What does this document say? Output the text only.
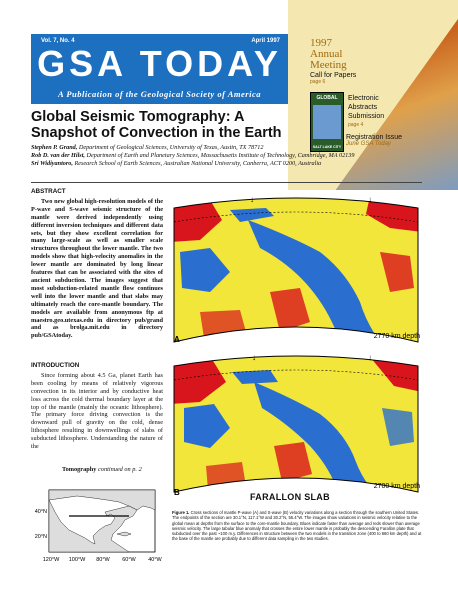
Vol. 7, No. 4	April 1997
GSA TODAY
A Publication of the Geological Society of America
1997
Annual
Meeting
Call for Papers
page 6
GLOBAL
SALT LAKE CITY
Electronic
Abstracts
Submission
page 4
Registration Issue
June GSA Today
Global Seismic Tomography: A Snapshot of Convection in the Earth
Stephen P. Grand, Department of Geological Sciences, University of Texas, Austin, TX 78712
Rob D. van der Hilst, Department of Earth and Planetary Sciences, Massachusetts Institute of Technology, Cambridge, MA 02139
Sri Widiyantoro, Research School of Earth Sciences, Australian National University, Canberra, ACT 0200, Australia
ABSTRACT
Two new global high-resolution models of the P-wave and S-wave seismic structure of the mantle were derived independently using different inversion techniques and different data sets, but they show excellent correlation for many large-scale as well as smaller scale structures throughout the lower mantle. The two models show that high-velocity anomalies in the lower mantle are dominated by long linear features that can be associated with the sites of ancient subduction. The images suggest that most subduction-related mantle flow continues well into the lower mantle and that slabs may ultimately reach the core-mantle boundary. The models are available from anonymous ftp at maestro.geo.utexas.edu in directory pub/grand and as brolga.mit.edu in directory pub/GSAtoday.
INTRODUCTION
Since forming about 4.5 Ga, planet Earth has been cooling by means of relatively vigorous convection in its interior and by conductive heat loss across the cold thermal boundary layer at the top of the mantle (mainly the oceanic lithosphere). The primary force driving convection is the downward pull of gravity on the cold, dense lithosphere resulting in downwellings of slabs of subducted lithosphere. Understanding the nature of the
Tomography continued on p. 2
40°N
20°N
120°W 100°W 80°W 60°W 40°W
↓	↓
A	2770 km depth
↓	↓
B
2700 km depth
FARALLON SLAB
Figure 1. Cross sections of mantle P-wave (A) and S-wave (B) velocity variations along a section through the southern United States. The endpoints of the section are 30.1°N, 117.1°W and 30.2°N, 56.4°W. The images show variations in seismic velocity relative to the global mean at depths from the surface to the core-mantle boundary. Blues indicate faster than average and reds slower than average seismic velocity. The large tabular blue anomaly that crosses the entire lower mantle is probably the descending Farallon plate that subducted over the past ~100 m.y. Differences in structure between the two models in the transition zone (400 to 660 km depth) and at the base of the mantle are probably due to different data sampling in the two studies.
